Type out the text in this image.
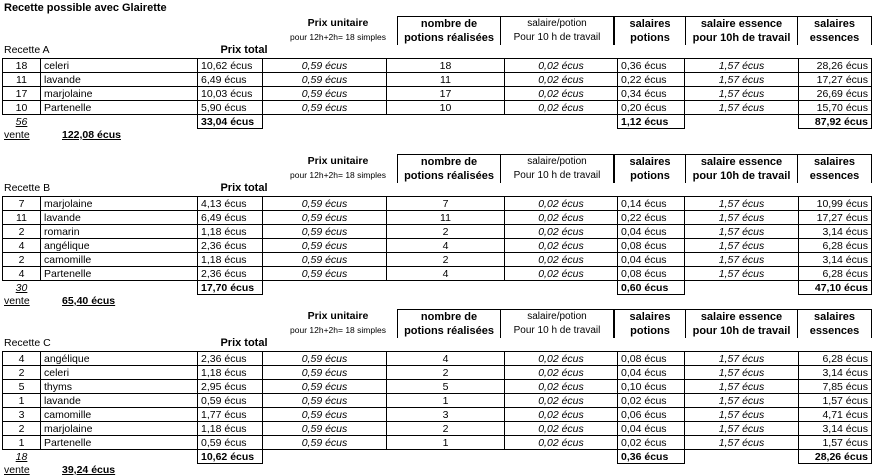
Recette possible avec Glairette
Prix unitaire
pour 12h+2h= 18 simples
nombre de
potions réalisées
salaire/potion
Pour 10 h de travail
salaires
potions
salaire essence
pour 10h de travail
salaires
essences
Recette A	Prix total
18	celeri	10,62 écus	0,59 écus	18	0,02 écus	0,36 écus	1,57 écus	28,26 écus
11	lavande	6,49 écus	0,59 écus	11	0,02 écus	0,22 écus	1,57 écus	17,27 écus
17	marjolaine	10,03 écus	0,59 écus	17	0,02 écus	0,34 écus	1,57 écus	26,69 écus
10	Partenelle	5,90 écus	0,59 écus	10	0,02 écus	0,20 écus	1,57 écus	15,70 écus
56		33,04 écus				1,12 écus		87,92 écus
vente	122,08 écus
Prix unitaire
pour 12h+2h= 18 simples
nombre de
potions réalisées
salaire/potion
Pour 10 h de travail
salaires
potions
salaire essence
pour 10h de travail
salaires
essences
Recette B	Prix total
7	marjolaine	4,13 écus	0,59 écus	7	0,02 écus	0,14 écus	1,57 écus	10,99 écus
11	lavande	6,49 écus	0,59 écus	11	0,02 écus	0,22 écus	1,57 écus	17,27 écus
2	romarin	1,18 écus	0,59 écus	2	0,02 écus	0,04 écus	1,57 écus	3,14 écus
4	angélique	2,36 écus	0,59 écus	4	0,02 écus	0,08 écus	1,57 écus	6,28 écus
2	camomille	1,18 écus	0,59 écus	2	0,02 écus	0,04 écus	1,57 écus	3,14 écus
4	Partenelle	2,36 écus	0,59 écus	4	0,02 écus	0,08 écus	1,57 écus	6,28 écus
30		17,70 écus				0,60 écus		47,10 écus
vente	65,40 écus
Prix unitaire
pour 12h+2h= 18 simples
nombre de
potions réalisées
salaire/potion
Pour 10 h de travail
salaires
potions
salaire essence
pour 10h de travail
salaires
essences
Recette C	Prix total
4	angélique	2,36 écus	0,59 écus	4	0,02 écus	0,08 écus	1,57 écus	6,28 écus
2	celeri	1,18 écus	0,59 écus	2	0,02 écus	0,04 écus	1,57 écus	3,14 écus
5	thyms	2,95 écus	0,59 écus	5	0,02 écus	0,10 écus	1,57 écus	7,85 écus
1	lavande	0,59 écus	0,59 écus	1	0,02 écus	0,02 écus	1,57 écus	1,57 écus
3	camomille	1,77 écus	0,59 écus	3	0,02 écus	0,06 écus	1,57 écus	4,71 écus
2	marjolaine	1,18 écus	0,59 écus	2	0,02 écus	0,04 écus	1,57 écus	3,14 écus
1	Partenelle	0,59 écus	0,59 écus	1	0,02 écus	0,02 écus	1,57 écus	1,57 écus
18		10,62 écus				0,36 écus		28,26 écus
vente	39,24 écus
